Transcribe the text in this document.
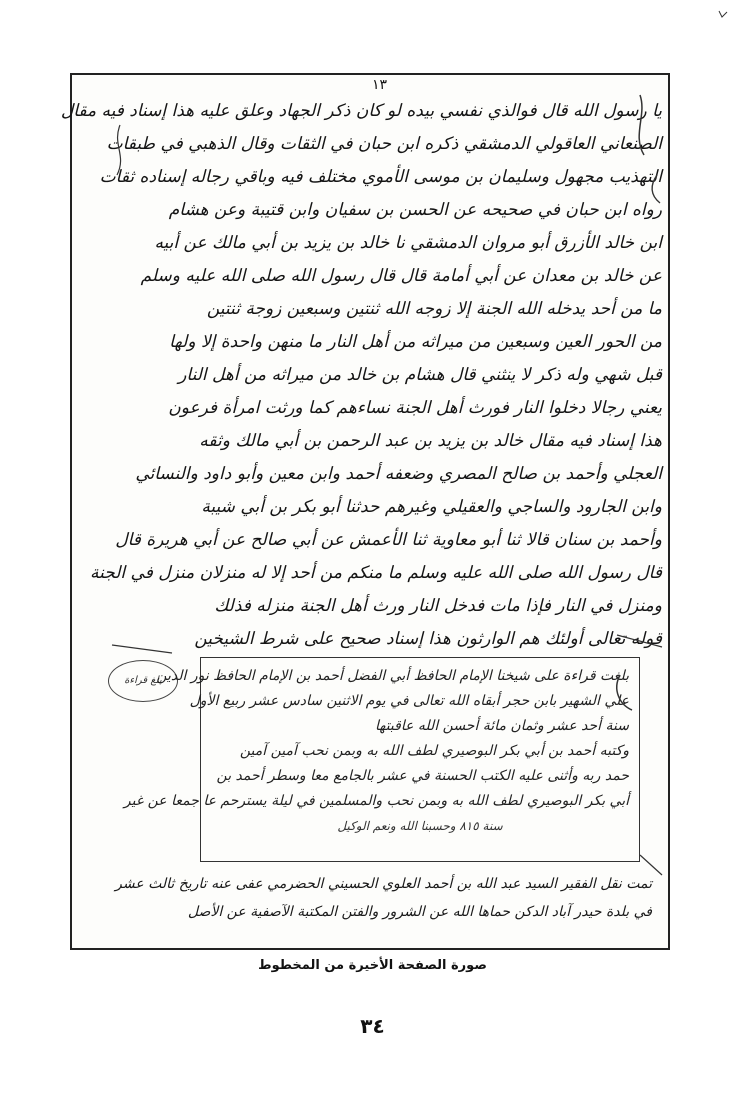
١٣
يا رسول الله قال فوالذي نفسي بيده لو كان ذكر الجهاد وعلق عليه هذا إسناد فيه مقال
الصنعاني العاقولي الدمشقي ذكره ابن حبان في الثقات وقال الذهبي في طبقات
التهذيب مجهول وسليمان بن موسى الأموي مختلف فيه وباقي رجاله إسناده ثقات
رواه ابن حبان في صحيحه عن الحسن بن سفيان وابن قتيبة وعن هشام
ابن خالد الأزرق أبو مروان الدمشقي نا خالد بن يزيد بن أبي مالك عن أبيه
عن خالد بن معدان عن أبي أمامة قال قال رسول الله صلى الله عليه وسلم
ما من أحد يدخله الله الجنة إلا زوجه الله ثنتين وسبعين زوجة ثنتين
من الحور العين وسبعين من ميراثه من أهل النار ما منهن واحدة إلا ولها
قبل شهي وله ذكر لا ينثني قال هشام بن خالد من ميراثه من أهل النار
يعني رجالا دخلوا النار فورث أهل الجنة نساءهم كما ورثت امرأة فرعون
هذا إسناد فيه مقال خالد بن يزيد بن عبد الرحمن بن أبي مالك وثقه
العجلي وأحمد بن صالح المصري وضعفه أحمد وابن معين وأبو داود والنسائي
وابن الجارود والساجي والعقيلي وغيرهم حدثنا أبو بكر بن أبي شيبة
وأحمد بن سنان قالا ثنا أبو معاوية ثنا الأعمش عن أبي صالح عن أبي هريرة قال
قال رسول الله صلى الله عليه وسلم ما منكم من أحد إلا له منزلان منزل في الجنة
ومنزل في النار فإذا مات فدخل النار ورث أهل الجنة منزله فذلك
قوله تعالى أولئك هم الوارثون هذا إسناد صحيح على شرط الشيخين
بلغ قراءة
بلغت قراءة على شيخنا الإمام الحافظ أبي الفضل أحمد بن الإمام الحافظ نور الدين
علي الشهير بابن حجر أبقاه الله تعالى في يوم الاثنين سادس عشر ربيع الأول
سنة أحد عشر وثمان مائة أحسن الله عاقبتها
وكتبه أحمد بن أبي بكر البوصيري لطف الله به وبمن نحب آمين آمين
حمد ربه وأثنى عليه الكتب الحسنة في عشر بالجامع معا وسطر أحمد بن
أبي بكر البوصيري لطف الله به وبمن نحب والمسلمين في ليلة يسترحم عا جمعا عن غير
سنة ٨١٥ وحسبنا الله ونعم الوكيل
تمت نقل الفقير السيد عبد الله بن أحمد العلوي الحسيني الحضرمي عفى عنه تاريخ ثالث عشر
في بلدة حيدر آباد الدكن حماها الله عن الشرور والفتن المكتبة الآصفية عن الأصل
صورة الصفحة الأخيرة من المخطوط
٣٤
